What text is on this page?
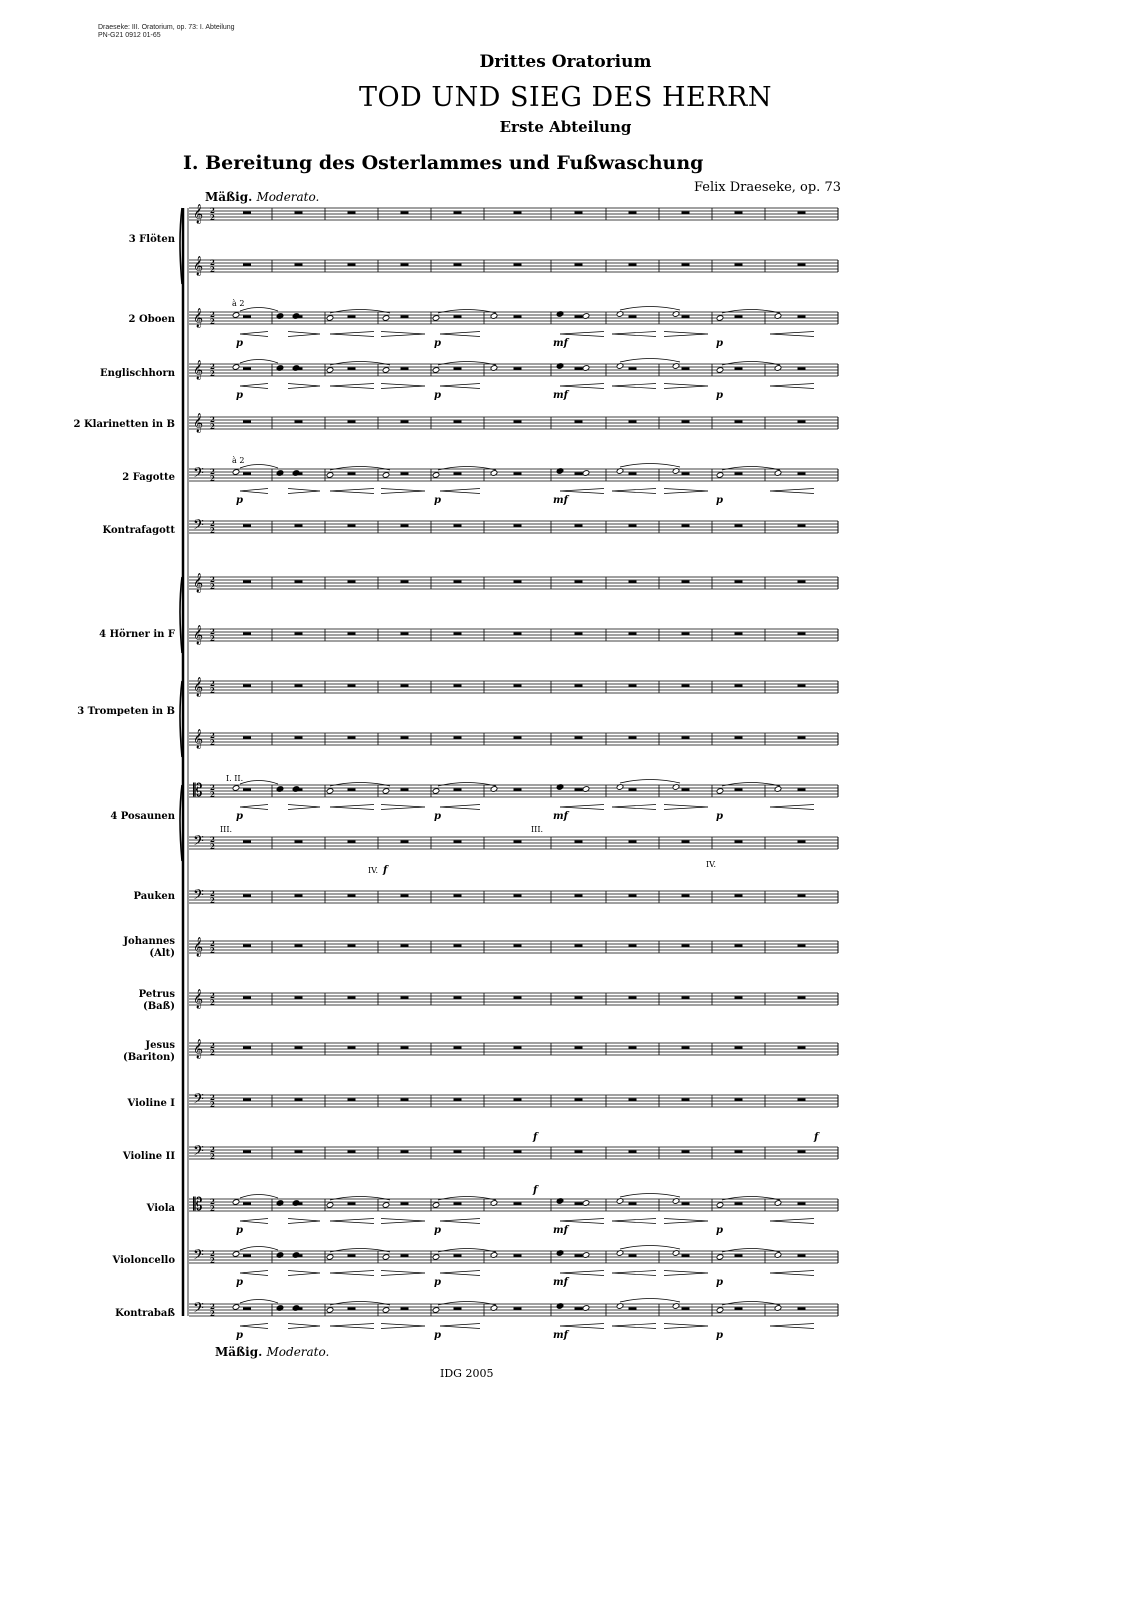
Draeseke: III. Oratorium, op. 73: I. Abteilung
PN-G21 0912 01-65
Drittes Oratorium
TOD UND SIEG DES HERRN
Erste Abteilung
I. Bereitung des Osterlammes und Fußwaschung
Felix Draeseke, op. 73
Mäßig. Moderato.
Mäßig. Moderato.
3 Flöten
2 Oboen
Englischhorn
2 Klarinetten in B
2 Fagotte
Kontrafagott
4 Hörner in F
3 Trompeten in B
4 Posaunen
Pauken
Johannes
(Alt)
Petrus
(Baß)
Jesus
(Bariton)
Violine I
Violine II
Viola
Violoncello
Kontrabaß
𝄞 2
2
𝄞 2
2
𝄞 2
2
𝄞 2
2
𝄞 2
2
𝄢 2
2
𝄢 2
2
𝄞 2
2
𝄞 2
2
𝄞 2
2
𝄞 2
2
𝄡 2
2
𝄢 2
2
𝄢 2
2
𝄞 2
2
𝄞 2
2
𝄞 2
2
𝄢 2
2
𝄢 2
2
𝄡 2
2
𝄢 2
2
𝄢 2
2
p	p	mf	p
p	p	mf	p
p	p	mf	p
p	p	mf	p
p	p	mf	p
p	p	mf	p
p	p	mf	p
à 2
à 2
I. II.
III.	III.
IV.
IV.
f
f
f
f
IDG 2005
